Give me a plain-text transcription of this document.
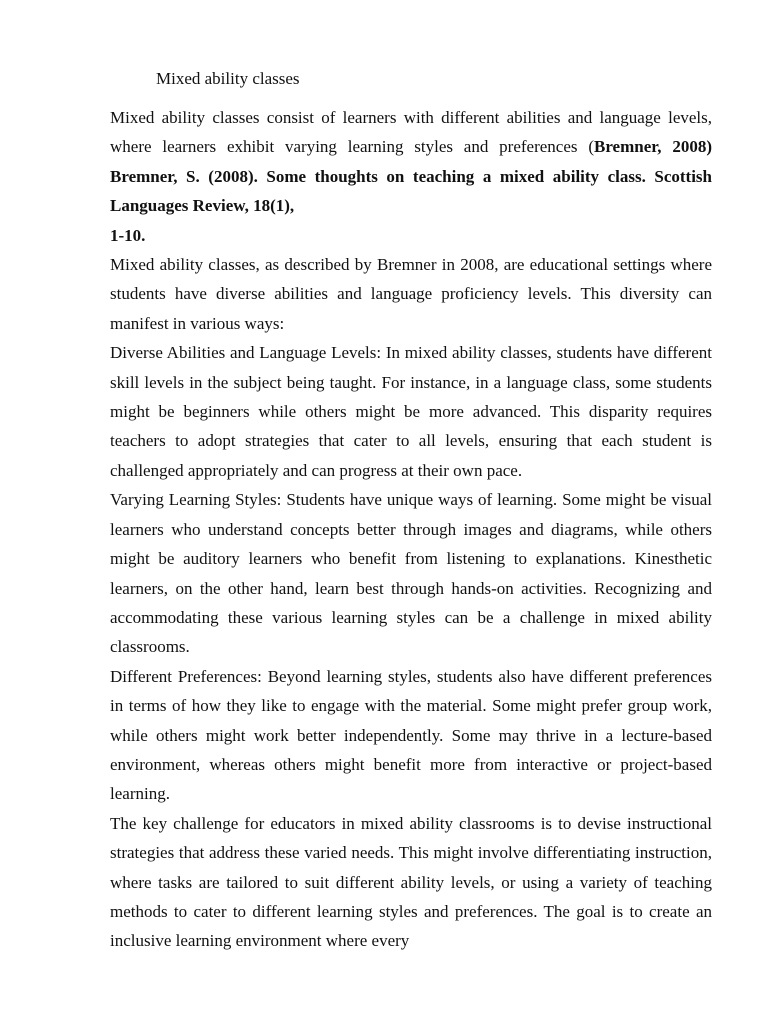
Mixed ability classes

Mixed ability classes consist of learners with different abilities and language levels, where learners exhibit varying learning styles and preferences (Bremner, 2008) Bremner, S. (2008). Some thoughts on teaching a mixed ability class. Scottish Languages Review, 18(1),

1-10.

Mixed ability classes, as described by Bremner in 2008, are educational settings where students have diverse abilities and language proficiency levels. This diversity can manifest in various ways:

Diverse Abilities and Language Levels: In mixed ability classes, students have different skill levels in the subject being taught. For instance, in a language class, some students might be beginners while others might be more advanced. This disparity requires teachers to adopt strategies that cater to all levels, ensuring that each student is challenged appropriately and can progress at their own pace.

Varying Learning Styles: Students have unique ways of learning. Some might be visual learners who understand concepts better through images and diagrams, while others might be auditory learners who benefit from listening to explanations. Kinesthetic learners, on the other hand, learn best through hands-on activities. Recognizing and accommodating these various learning styles can be a challenge in mixed ability classrooms.

Different Preferences: Beyond learning styles, students also have different preferences in terms of how they like to engage with the material. Some might prefer group work, while others might work better independently. Some may thrive in a lecture-based environment, whereas others might benefit more from interactive or project-based learning.

The key challenge for educators in mixed ability classrooms is to devise instructional strategies that address these varied needs. This might involve differentiating instruction, where tasks are tailored to suit different ability levels, or using a variety of teaching methods to cater to different learning styles and preferences. The goal is to create an inclusive learning environment where every
